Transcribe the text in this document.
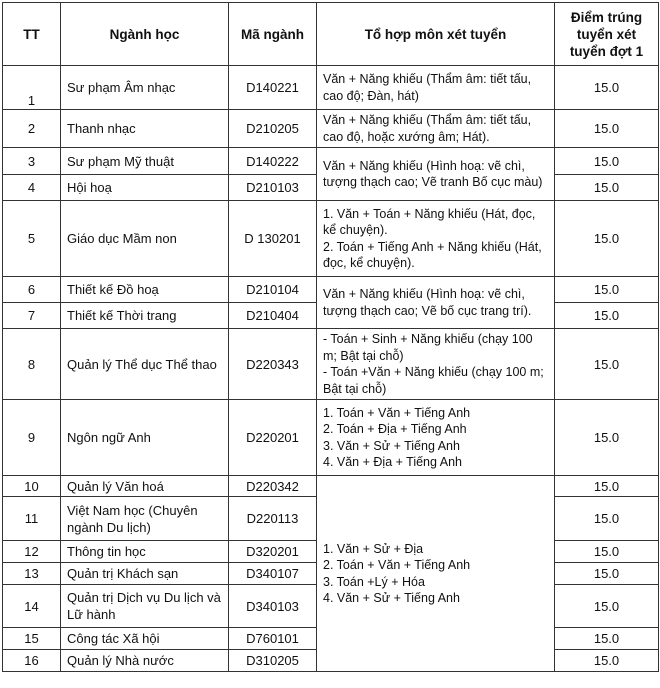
TT	Ngành học	Mã ngành	Tổ hợp môn xét tuyển	Điểm trúng tuyển xét tuyển đợt 1
1	Sư phạm Âm nhạc	D140221	Văn + Năng khiếu (Thẩm âm: tiết tấu, cao độ; Đàn, hát)	15.0
2	Thanh nhạc	D210205	Văn + Năng khiếu (Thẩm âm: tiết tấu, cao độ, hoặc xướng âm; Hát).	15.0
3	Sư phạm Mỹ thuật	D140222	Văn + Năng khiếu (Hình hoạ: vẽ chì, tượng thạch cao; Vẽ tranh Bố cục màu)	15.0
4	Hội hoạ	D210103		15.0
5	Giáo dục Mầm non	D 130201	1. Văn + Toán + Năng khiếu (Hát, đọc, kể chuyện).
2. Toán + Tiếng Anh + Năng khiếu (Hát, đọc, kể chuyện).	15.0
6	Thiết kế Đồ hoạ	D210104	Văn + Năng khiếu (Hình hoạ: vẽ chì, tượng thạch cao; Vẽ bố cục trang trí).	15.0
7	Thiết kế Thời trang	D210404		15.0
8	Quản lý Thể dục Thể thao	D220343	- Toán + Sinh + Năng khiếu (chạy 100 m; Bật tại chỗ)
- Toán +Văn + Năng khiếu (chạy 100 m; Bật tại chỗ)	15.0
9	Ngôn ngữ Anh	D220201	1. Toán + Văn + Tiếng Anh
2. Toán + Địa + Tiếng Anh
3. Văn + Sử + Tiếng Anh
4. Văn + Địa + Tiếng Anh	15.0
10	Quản lý Văn hoá	D220342	1. Văn + Sử + Địa
2. Toán + Văn + Tiếng Anh
3. Toán +Lý + Hóa
4. Văn + Sử + Tiếng Anh	15.0
11	Việt Nam học (Chuyên ngành Du lịch)	D220113		15.0
12	Thông tin học	D320201		15.0
13	Quản trị Khách sạn	D340107		15.0
14	Quản trị Dịch vụ Du lịch và Lữ hành	D340103		15.0
15	Công tác Xã hội	D760101		15.0
16	Quản lý Nhà nước	D310205		15.0
